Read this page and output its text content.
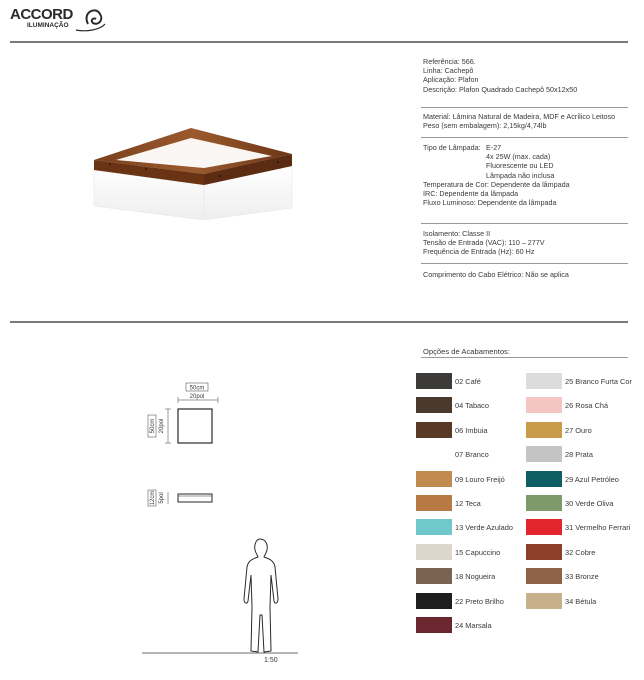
ACCORD
ILUMINAÇÃO
Referência: 566.
Linha: Cachepô
Aplicação: Plafon
Descrição: Plafon Quadrado Cachepô 50x12x50
Material: Lâmina Natural de Madeira, MDF e Acrílico Leitoso
Peso (sem embalagem): 2,15kg/4,74lb
Tipo de Lâmpada: E-27
4x 25W (max. cada)
Fluorescente ou LED
Lâmpada não inclusa
Temperatura de Cor: Dependente da lâmpada
IRC: Dependente da lâmpada
Fluxo Luminoso: Dependente da lâmpada
Isolamento: Classe II
Tensão de Entrada (VAC): 110 – 277V
Frequência de Entrada (Hz): 60 Hz
Comprimento do Cabo Elétrico: Não se aplica
50cm
20pol
50cm 20pol
12cm 5pol
1:50
Opções de Acabamentos:
02 Café
04 Tabaco
06 Imbuia
07 Branco
09 Louro Freijó
12 Teca
13 Verde Azulado
15 Capuccino
18 Nogueira
22 Preto Brilho
24 Marsala
25 Branco Furta Cor
26 Rosa Chá
27 Ouro
28 Prata
29 Azul Petróleo
30 Verde Oliva
31 Vermelho Ferrari
32 Cobre
33 Bronze
34 Bétula
